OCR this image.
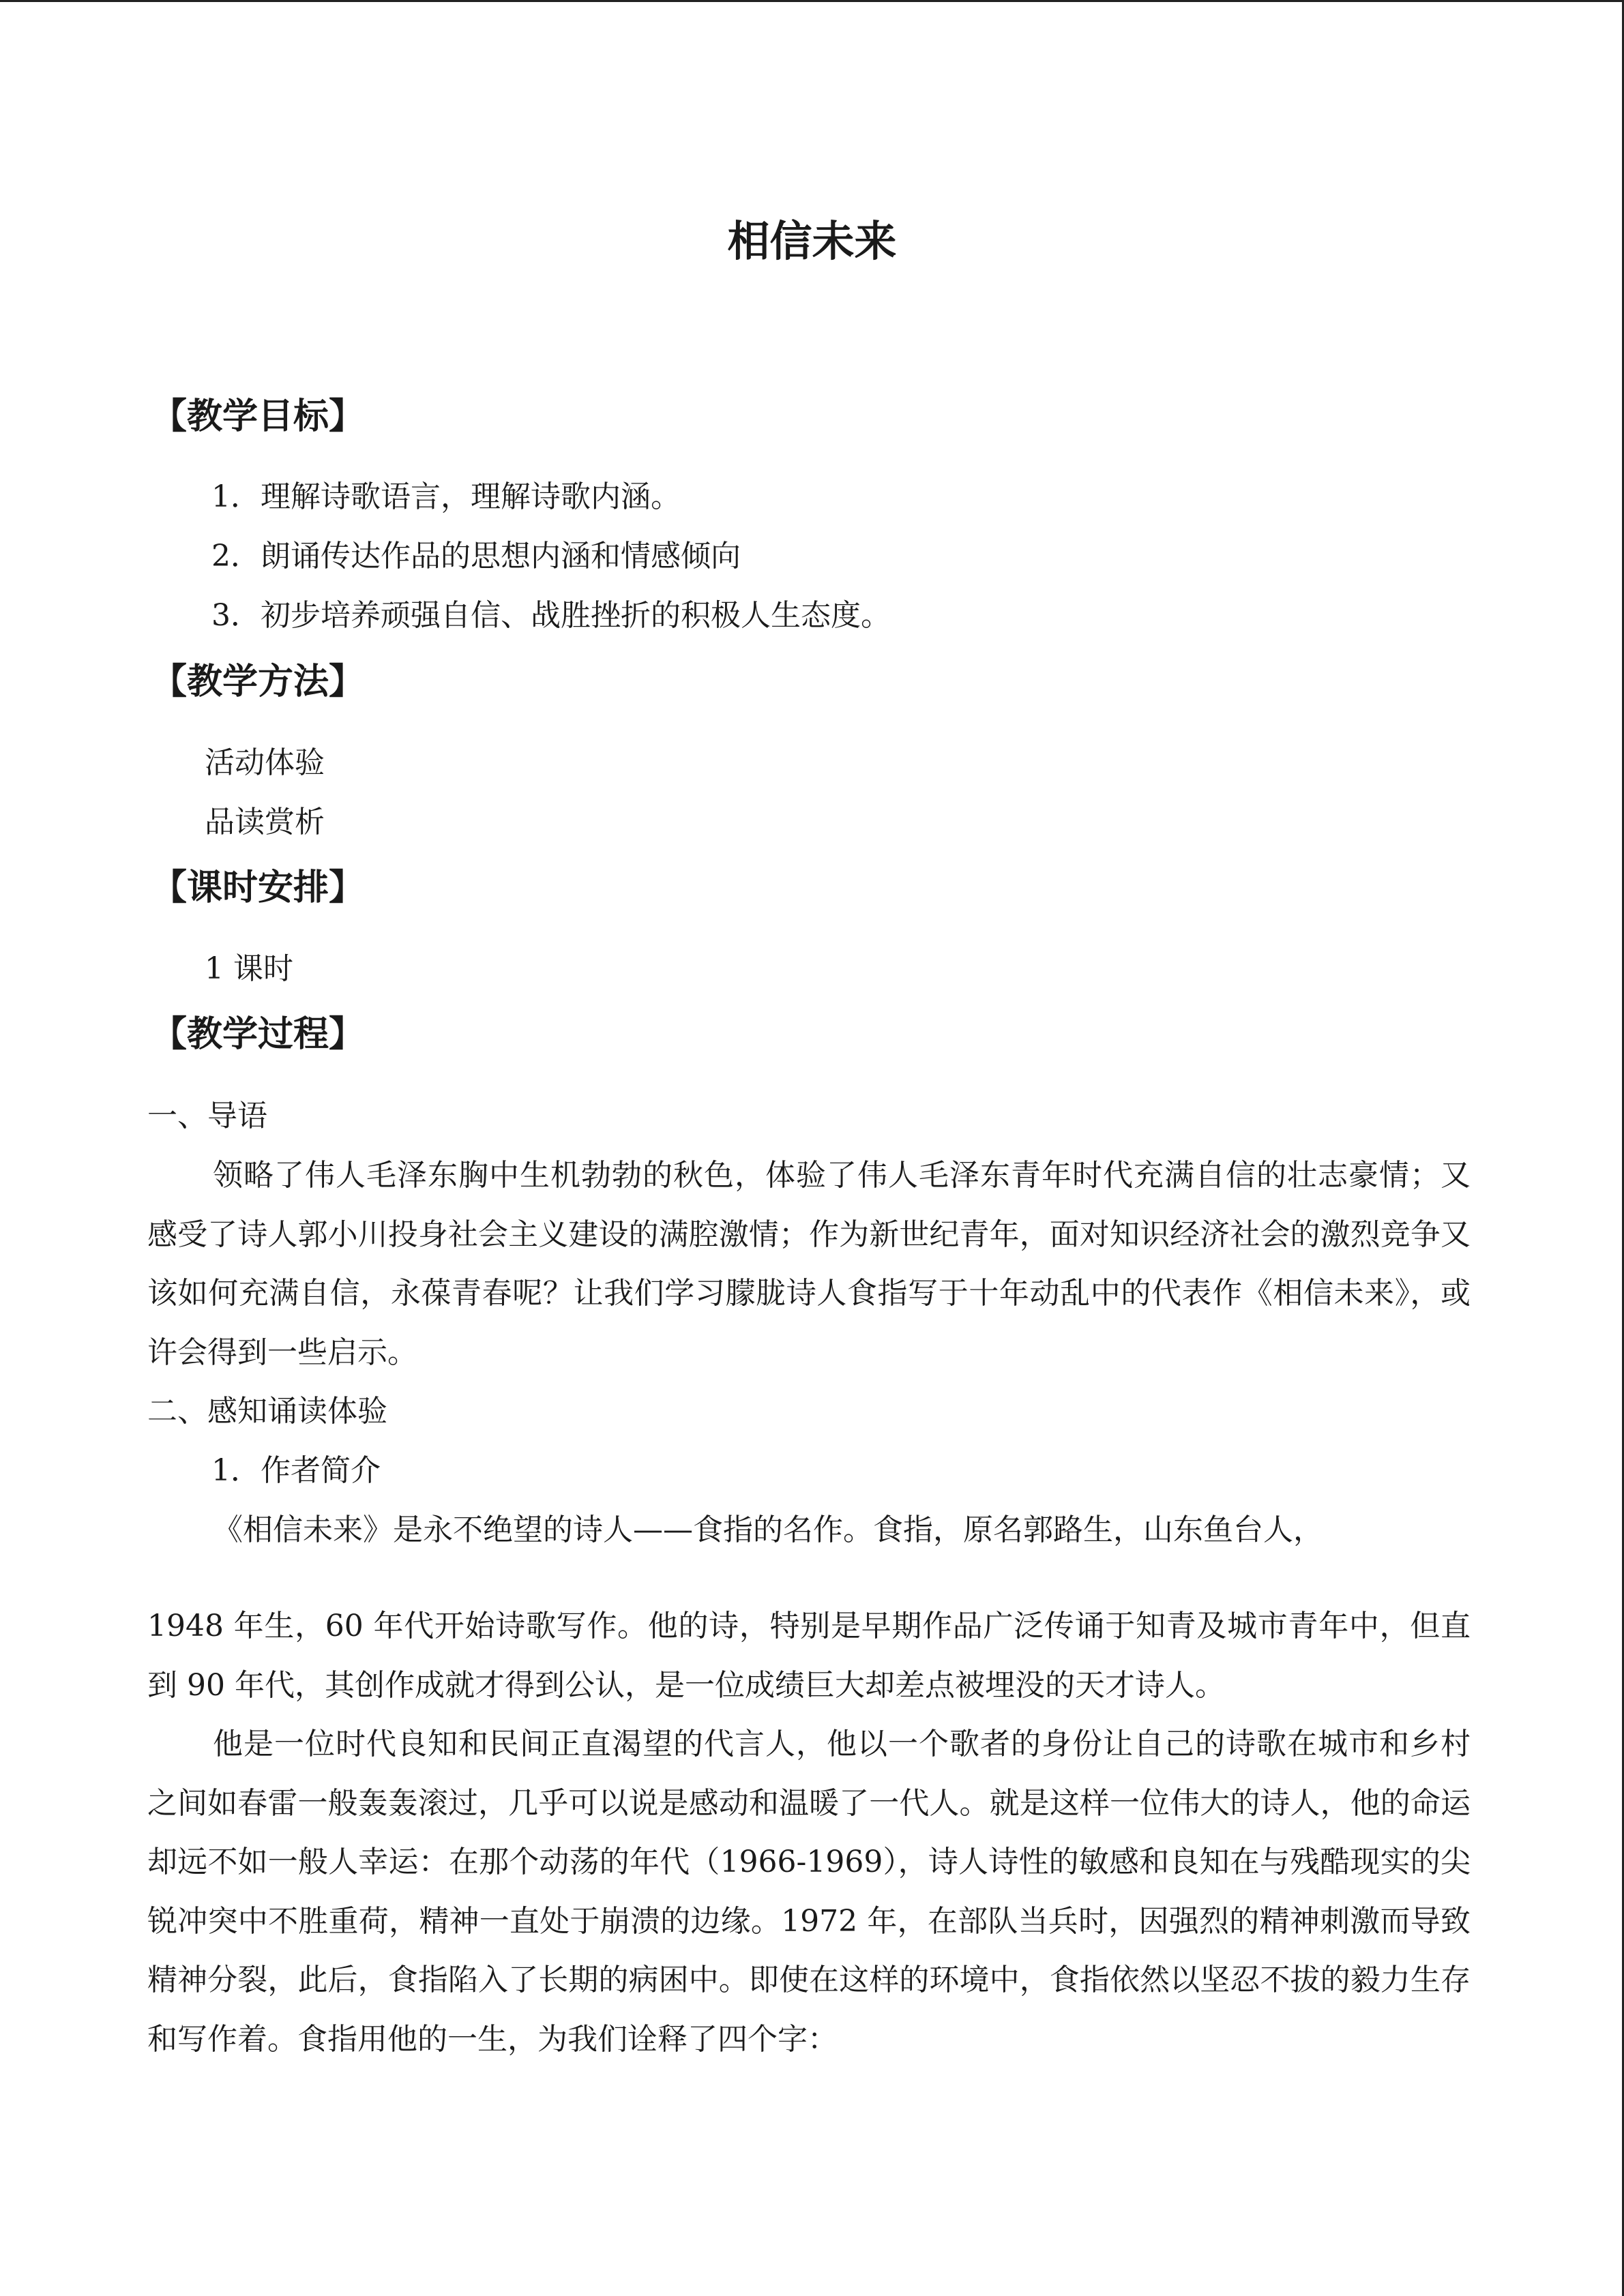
相信未来
【教学目标】
1．理解诗歌语言，理解诗歌内涵。
2．朗诵传达作品的思想内涵和情感倾向
3．初步培养顽强自信、战胜挫折的积极人生态度。
【教学方法】
活动体验
品读赏析
【课时安排】
1 课时
【教学过程】
一、导语
领略了伟人毛泽东胸中生机勃勃的秋色，体验了伟人毛泽东青年时代充满自信的壮志豪情；又感受了诗人郭小川投身社会主义建设的满腔激情；作为新世纪青年，面对知识经济社会的激烈竞争又该如何充满自信，永葆青春呢？让我们学习朦胧诗人食指写于十年动乱中的代表作《相信未来》，或许会得到一些启示。
二、感知诵读体验
1．作者简介
《相信未来》是永不绝望的诗人——食指的名作。食指，原名郭路生，山东鱼台人，
1948 年生，60 年代开始诗歌写作。他的诗，特别是早期作品广泛传诵于知青及城市青年中，但直到 90 年代，其创作成就才得到公认，是一位成绩巨大却差点被埋没的天才诗人。
他是一位时代良知和民间正直渴望的代言人，他以一个歌者的身份让自己的诗歌在城市和乡村之间如春雷一般轰轰滚过，几乎可以说是感动和温暖了一代人。就是这样一位伟大的诗人，他的命运却远不如一般人幸运：在那个动荡的年代（1966-1969），诗人诗性的敏感和良知在与残酷现实的尖锐冲突中不胜重荷，精神一直处于崩溃的边缘。1972 年，在部队当兵时，因强烈的精神刺激而导致精神分裂，此后，食指陷入了长期的病困中。即使在这样的环境中，食指依然以坚忍不拔的毅力生存和写作着。食指用他的一生，为我们诠释了四个字：
